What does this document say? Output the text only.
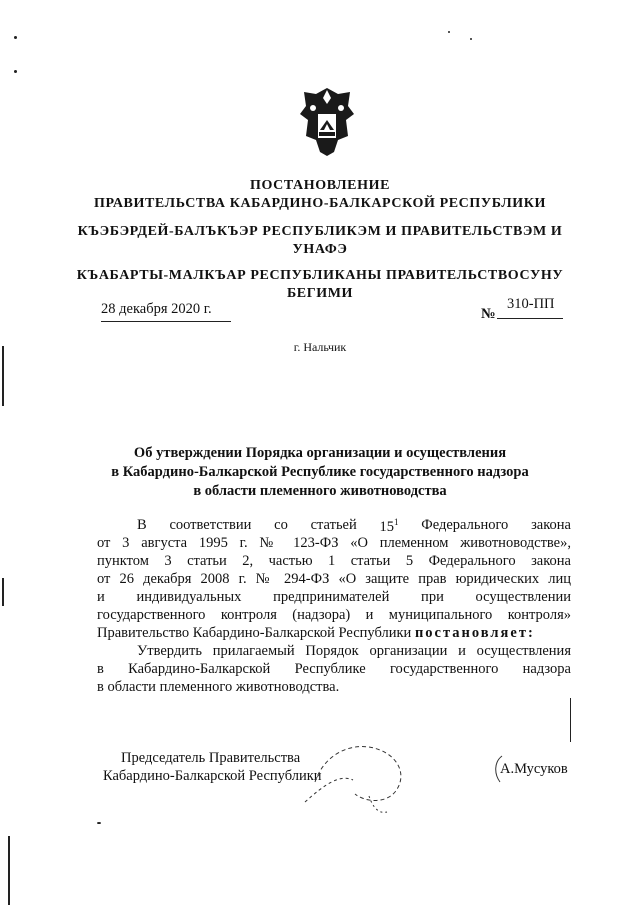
ПОСТАНОВЛЕНИЕ
ПРАВИТЕЛЬСТВА КАБАРДИНО-БАЛКАРСКОЙ РЕСПУБЛИКИ
КЪЭБЭРДЕЙ-БАЛЪКЪЭР РЕСПУБЛИКЭМ И ПРАВИТЕЛЬСТВЭМ И
УНАФЭ
КЪАБАРТЫ-МАЛКЪАР РЕСПУБЛИКАНЫ ПРАВИТЕЛЬСТВОСУНУ
БЕГИМИ
28 декабря 2020 г.	№
310-ПП
г. Нальчик
Об утверждении Порядка организации и осуществления
в Кабардино-Балкарской Республике государственного надзора
в области племенного животноводства
В соответствии со статьей $15^1$ Федерального закона
от 3 августа 1995 г. № 123-ФЗ «О племенном животноводстве»,
пунктом 3 статьи 2, частью 1 статьи 5 Федерального закона
от 26 декабря 2008 г. № 294-ФЗ «О защите прав юридических лиц
и индивидуальных предпринимателей при осуществлении
государственного контроля (надзора) и муниципального контроля»
Правительство Кабардино-Балкарской Республики постановляет:
Утвердить прилагаемый Порядок организации и осуществления
в Кабардино-Балкарской Республике государственного надзора
в области племенного животноводства.
Председатель Правительства
Кабардино-Балкарской Республики	А.Мусуков
